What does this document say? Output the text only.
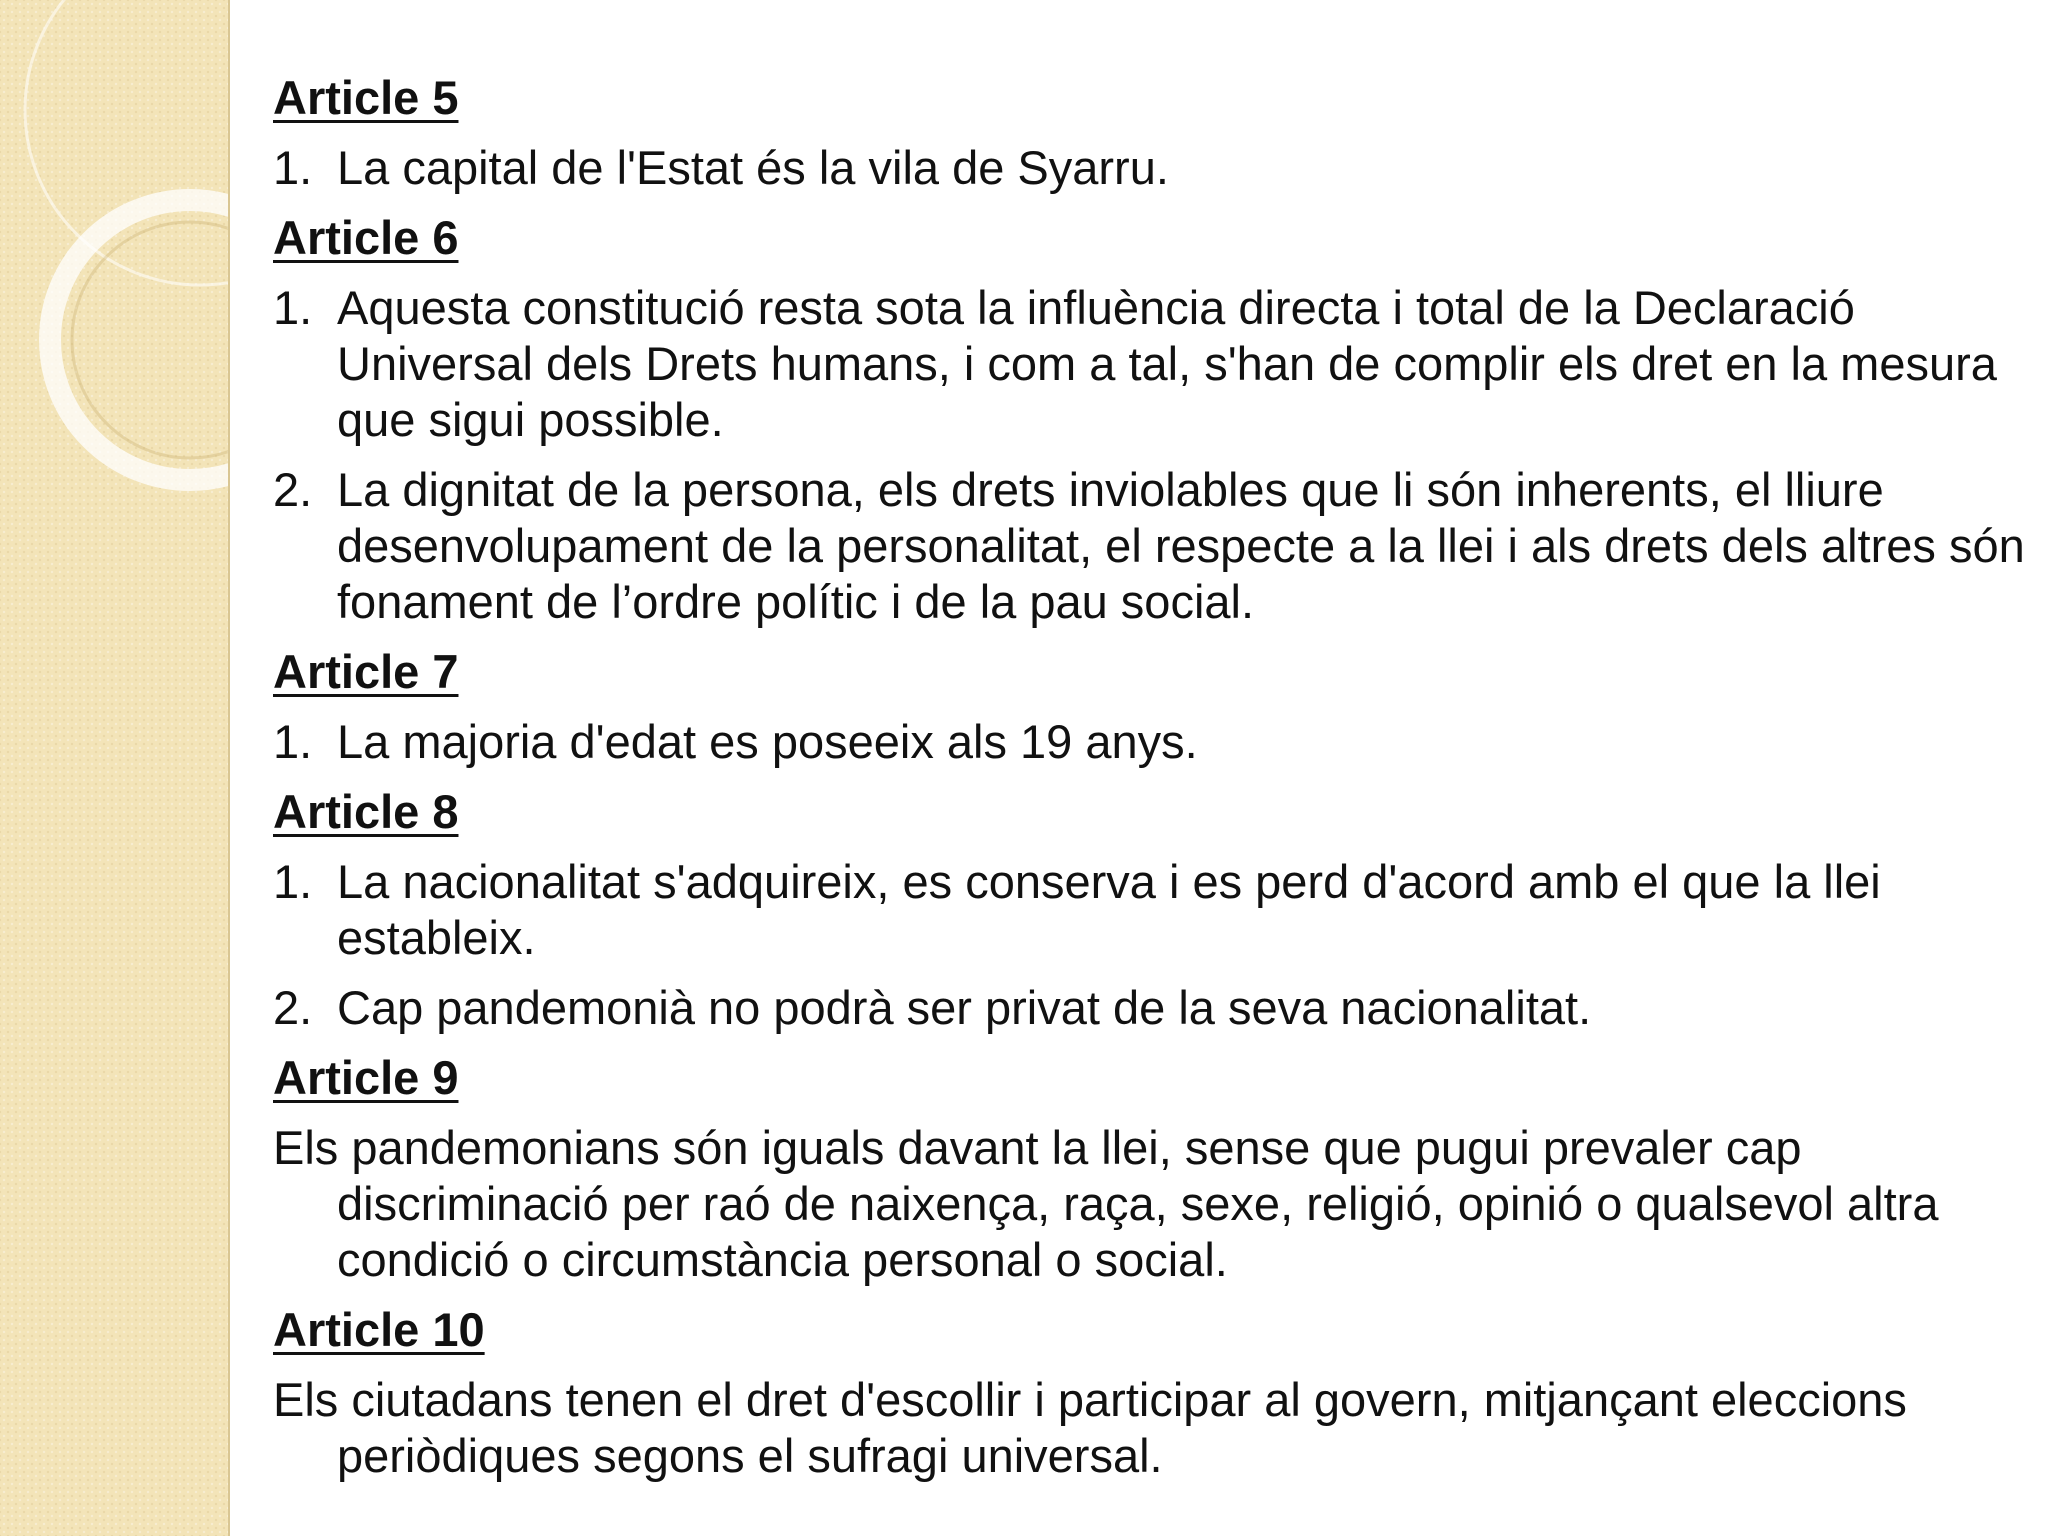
Article 5
1. La capital de l'Estat és la vila de Syarru.
Article 6
1. Aquesta constitució resta sota la influència directa i total de la Declaració Universal dels Drets humans, i com a tal, s'han de complir els dret en la mesura que sigui possible.
2. La dignitat de la persona, els drets inviolables que li són inherents, el lliure desenvolupament de la personalitat, el respecte a la llei i als drets dels altres són fonament de l’ordre polític i de la pau social.
Article 7
1. La majoria d'edat es poseeix als 19 anys.
Article 8
1. La nacionalitat s'adquireix, es conserva i es perd d'acord amb el que la llei estableix.
2. Cap pandemonià no podrà ser privat de la seva nacionalitat.
Article 9
Els pandemonians són iguals davant la llei, sense que pugui prevaler cap discriminació per raó de naixença, raça, sexe, religió, opinió o qualsevol altra condició o circumstància personal o social.
Article 10
Els ciutadans tenen el dret d'escollir i participar al govern, mitjançant eleccions periòdiques segons el sufragi universal.
